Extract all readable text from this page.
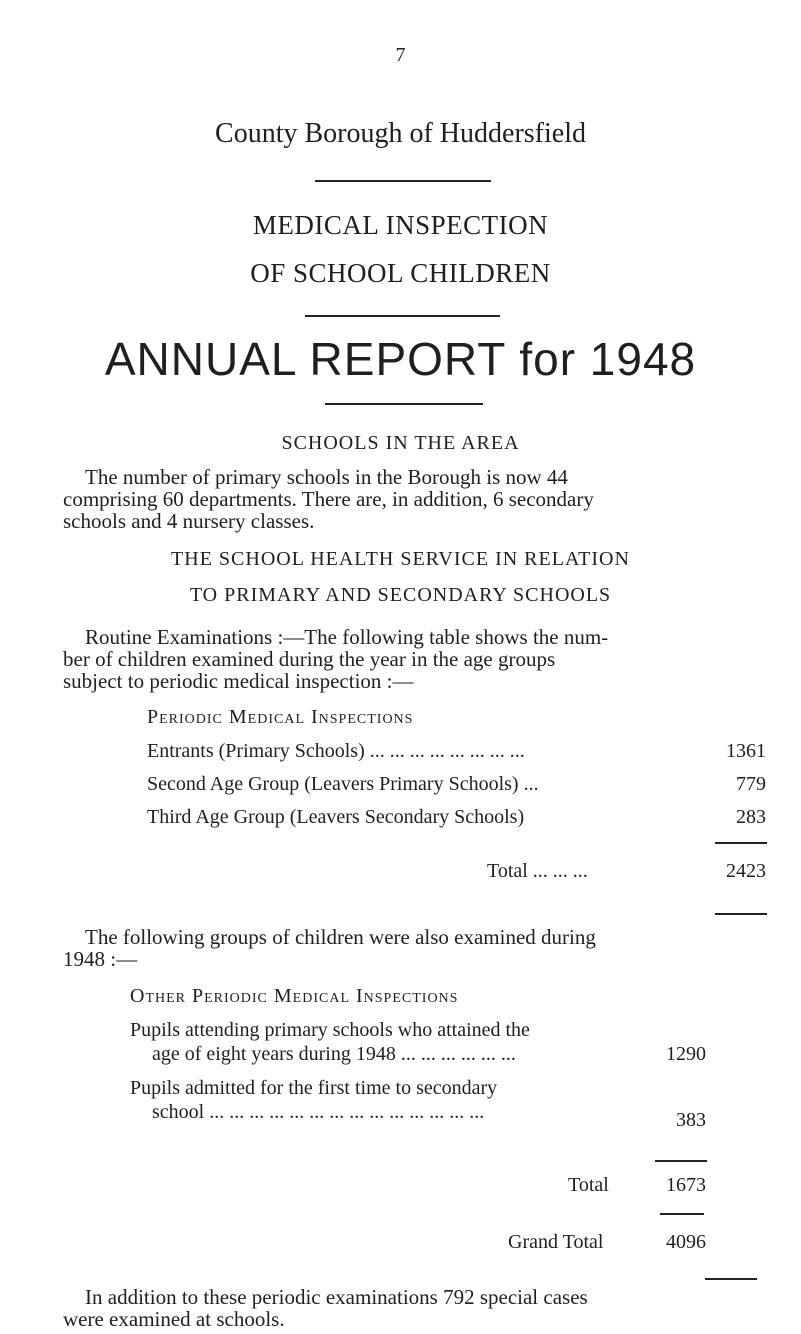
7
County Borough of Huddersfield
MEDICAL INSPECTION
OF SCHOOL CHILDREN
ANNUAL REPORT for 1948
SCHOOLS IN THE AREA
The number of primary schools in the Borough is now 44
comprising 60 departments. There are, in addition, 6 secondary
schools and 4 nursery classes.
THE SCHOOL HEALTH SERVICE IN RELATION
TO PRIMARY AND SECONDARY SCHOOLS
Routine Examinations :—The following table shows the num-
ber of children examined during the year in the age groups
subject to periodic medical inspection :—
Periodic Medical Inspections
Entrants (Primary Schools) ... ... ... ... ... ... ... ...	1361
Second Age Group (Leavers Primary Schools) ...	779
Third Age Group (Leavers Secondary Schools)	283
Total ... ... ...	2423
The following groups of children were also examined during
1948 :—
Other Periodic Medical Inspections
Pupils attending primary schools who attained the
age of eight years during 1948 ... ... ... ... ... ...	1290
Pupils admitted for the first time to secondary
school ... ... ... ... ... ... ... ... ... ... ... ... ... ...	383
Total	1673
Grand Total	4096
In addition to these periodic examinations 792 special cases
were examined at schools.
